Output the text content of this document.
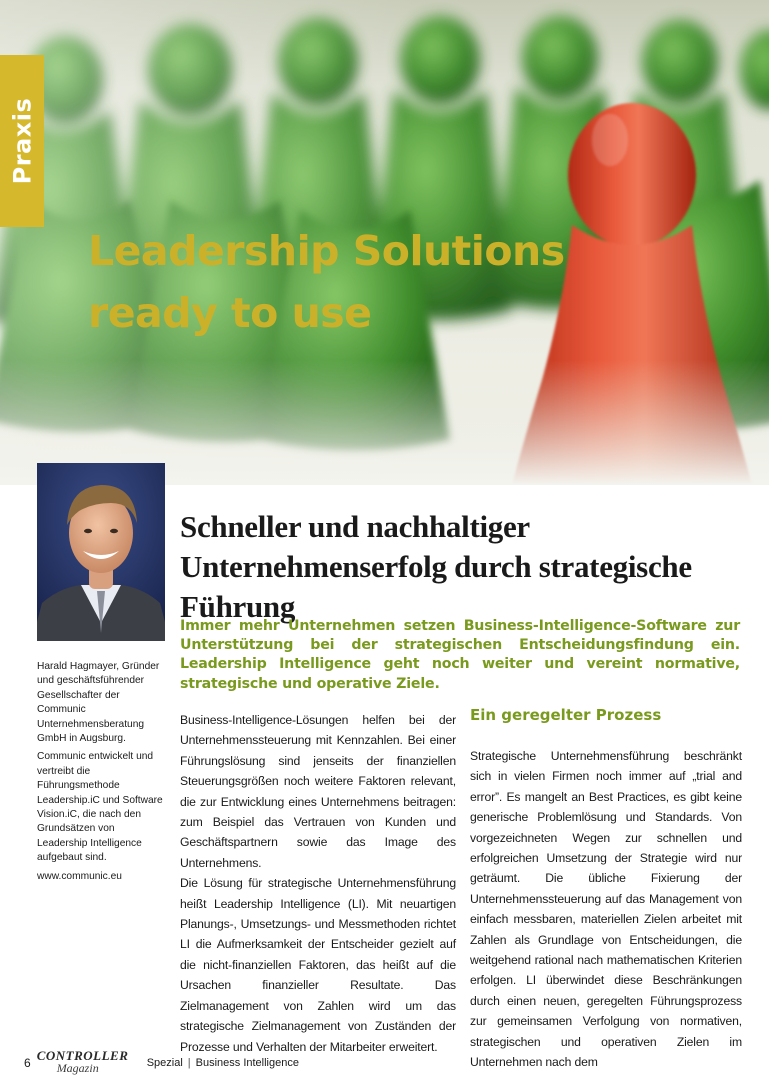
Praxis
Leadership Solutions
ready to use

Harald Hagmayer, Gründer und geschäftsführender Gesellschafter der Communic Unternehmensberatung GmbH in Augsburg.

Communic entwickelt und vertreibt die Führungsmethode Leadership.iC und Software Vision.iC, die nach den Grundsätzen von Leadership Intelligence aufgebaut sind.

www.communic.eu

Schneller und nachhaltiger Unternehmenserfolg durch strategische Führung

Immer mehr Unternehmen setzen Business-Intelligence-Software zur Unterstützung bei der strategischen Entscheidungsfindung ein. Leadership Intelligence geht noch weiter und vereint normative, strategische und operative Ziele.

Business-Intelligence-Lösungen helfen bei der Unternehmenssteuerung mit Kennzahlen. Bei einer Führungslösung sind jenseits der finanziellen Steuerungsgrößen noch weitere Faktoren relevant, die zur Entwicklung eines Unternehmens beitragen: zum Beispiel das Vertrauen von Kunden und Geschäftspartnern sowie das Image des Unternehmens.

Die Lösung für strategische Unternehmensführung heißt Leadership Intelligence (LI). Mit neuartigen Planungs-, Umsetzungs- und Messmethoden richtet LI die Aufmerksamkeit der Entscheider gezielt auf die nicht-finanziellen Faktoren, das heißt auf die Ursachen finanzieller Resultate. Das Zielmanagement von Zahlen wird um das strategische Zielmanagement von Zuständen der Prozesse und Verhalten der Mitarbeiter erweitert.

Ein geregelter Prozess

Strategische Unternehmensführung beschränkt sich in vielen Firmen noch immer auf „trial and error”. Es mangelt an Best Practices, es gibt keine generische Problemlösung und Standards. Von vorgezeichneten Wegen zur schnellen und erfolgreichen Umsetzung der Strategie wird nur geträumt. Die übliche Fixierung der Unternehmenssteuerung auf das Management von einfach messbaren, materiellen Zielen arbeitet mit Zahlen als Grundlage von Entscheidungen, die weitgehend rational nach mathematischen Kriterien erfolgen. LI überwindet diese Beschränkungen durch einen neuen, geregelten Führungsprozess zur gemeinsamen Verfolgung von normativen, strategischen und operativen Zielen im Unternehmen nach dem

6 CONTROLLER
Magazin	Spezial | Business Intelligence
